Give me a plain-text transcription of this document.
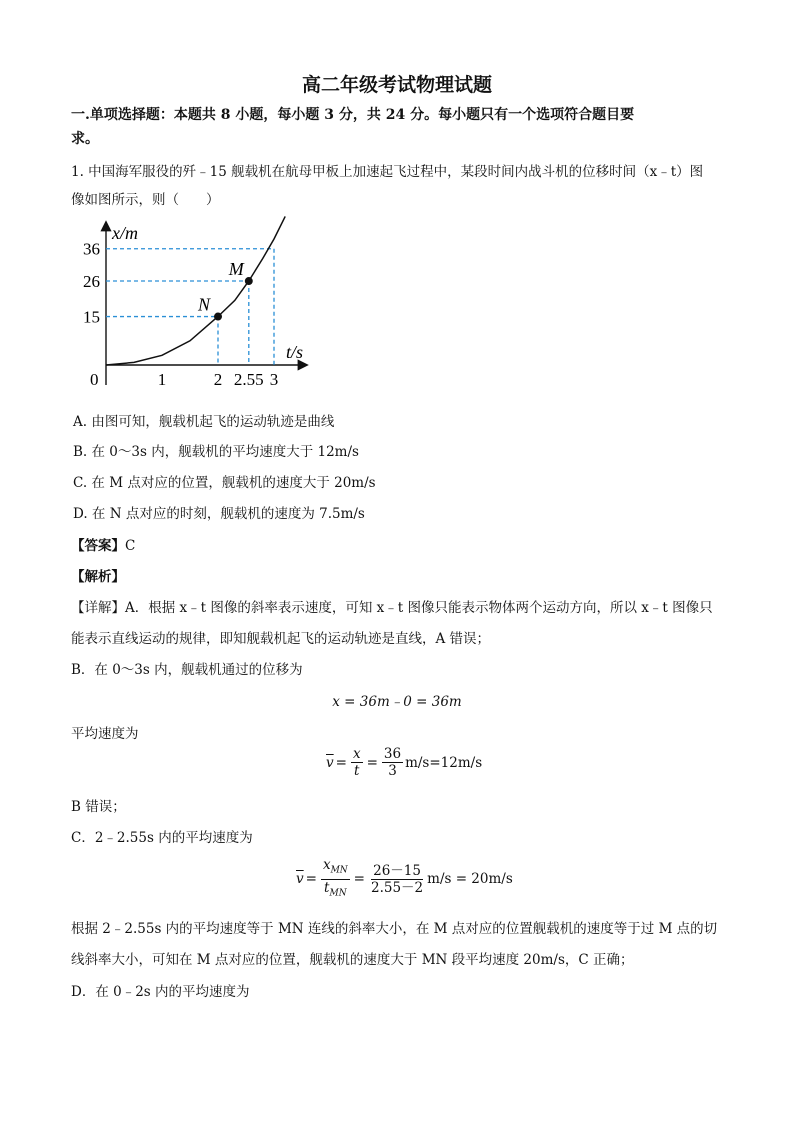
高二年级考试物理试题
一.单项选择题：本题共 8 小题，每小题 3 分，共 24 分。每小题只有一个选项符合题目要
求。
1. 中国海军服役的歼﹣15 舰载机在航母甲板上加速起飞过程中，某段时间内战斗机的位移时间（x﹣t）图
像如图所示，则（　　）
N
M
x/m
t/s
0	1	2 2.55 3
15
26
36
A. 由图可知，舰载机起飞的运动轨迹是曲线
B. 在 0～3s 内，舰载机的平均速度大于 12m/s
C. 在 M 点对应的位置，舰载机的速度大于 20m/s
D. 在 N 点对应的时刻，舰载机的速度为 7.5m/s
【答案】C
【解析】
【详解】A．根据 x﹣t 图像的斜率表示速度，可知 x﹣t 图像只能表示物体两个运动方向，所以 x﹣t 图像只
能表示直线运动的规律，即知舰载机起飞的运动轨迹是直线，A 错误；
B．在 0～3s 内，舰载机通过的位移为
x = 36m﹣0 = 36m
平均速度为
$\overline{v} = \frac{x}{t} = \frac{36}{3} m/s=12m/s$
B 错误；
C．2﹣2.55s 内的平均速度为
$\overline{v} = \frac{x_{MN}}{t_{MN}} = \frac{26-15}{2.55-2} m/s = 20m/s$
根据 2﹣2.55s 内的平均速度等于 MN 连线的斜率大小，在 M 点对应的位置舰载机的速度等于过 M 点的切
线斜率大小，可知在 M 点对应的位置，舰载机的速度大于 MN 段平均速度 20m/s，C 正确；
D．在 0﹣2s 内的平均速度为
